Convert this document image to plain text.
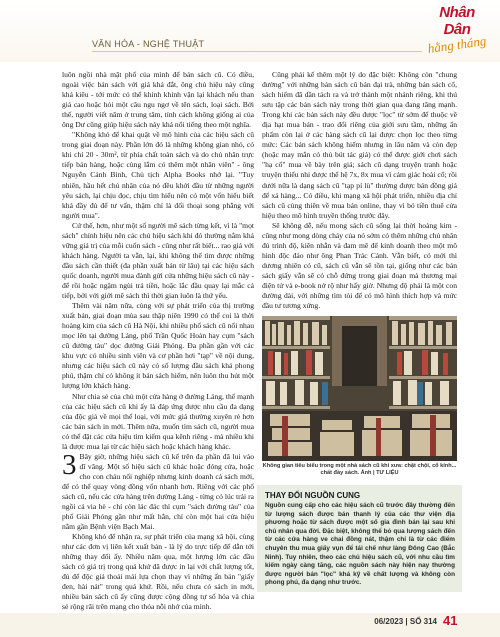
VĂN HÓA - NGHỆ THUẬT
Nhân Dân
hằng tháng

luôn ngồi nhà mặt phố của mình để bán sách cũ. Có điều, ngoài việc bán sách với giá khá đắt, ông chủ hiệu này cũng khá kiêu - tới mức có thể khinh khỉnh vặn lại khách nếu than giá cao hoặc hỏi một câu ngu ngơ về tên sách, loại sách. Bởi thế, người viết năm ở trung tâm, tính cách không giống ai của ông Dư cũng giúp hiệu sách này khá nổi tiếng theo một nghĩa.

"Không khó để khai quật về mô hình của các hiệu sách cũ trong giai đoạn này. Phần lớn đó là những không gian nhỏ, có khi chỉ 20 - 30m², từ phía chất toàn sách và do chủ nhân trực tiếp bán hàng, hoặc cùng lắm có thêm một nhân viên" - ông Nguyễn Cảnh Bình, Chủ tịch Alpha Books nhớ lại. "Tuy nhiên, hầu hết chủ nhân của nó đều khởi đầu từ những người yêu sách, lại chịu đọc, chịu tìm hiểu nên có một vốn hiểu biết khá đầy đủ để tư vấn, thậm chí là đối thoại song phẳng với người mua".

Cứ thế, hơn, như một số người mê sách từng kết, vì là "mọt sách" chính hiệu nên các chủ hiệu sách khi đó thường nắm khá vững giá trị của mỗi cuốn sách - cũng như rất biết... rao giá với khách hàng. Người ta vẫn, lại, khi không thể tìm được những đầu sách cần thiết (đa phần xuất bản từ lâu) tại các hiệu sách quốc doanh, người mua đành gửi cửa những hiệu sách cũ này - để rồi hoặc ngậm ngùi trả tiền, hoặc lắc đầu quay lại mắc cả tiếp, bởi với giới mê sách thì thời gian luôn là thứ yếu.

Thêm vài năm nữa, cùng với sự phát triển của thị trường xuất bản, giai đoạn mùa sau thập niên 1990 có thể coi là thời hoàng kim của sách cũ Hà Nội, khi nhiều phố sách cũ nổi nhau mọc lên tại đường Láng, phố Trần Quốc Hoàn hay cụm "sách cũ đường tàu" dọc đường Giải Phóng. Đa phần gần với các khu vực có nhiều sinh viên và cơ phần hơi "tạp" về nội dung, nhưng các hiệu sách cũ này có số lượng đầu sách khá phong phú, thậm chí có không ít bản sách hiếm, nên luôn thu hút một lượng lớn khách hàng.

Như chia sẻ của chủ một cửa hàng ở đường Láng, thế mạnh của các hiệu sách cũ khi ấy là đáp ứng được nhu cầu đa dạng của độc giả về mọi thể loại, với mức giá thường xuyên rẻ hơn các bản sách in mới. Thêm nữa, muốn tìm sách cũ, người mua có thể đặt các cửa hiệu tìm kiếm qua kênh riêng - mà nhiều khi là được mua lại từ các hiệu sách hoặc khách hàng khác.

3 Bây giờ, những hiệu sách cũ kể trên đa phần đã lui vào dĩ vãng. Một số hiệu sách cũ khác hoặc đóng cửa, hoặc cho con cháu nối nghiệp nhưng kinh doanh cả sách mới, để có thể quay vòng đồng vốn nhanh hơn. Riêng với các phố sách cũ, nếu các cửa hàng trên đường Láng - từng có lúc trải ra ngồi cả via hè - chỉ còn lác đác thì cụm "sách đường tàu" của phố Giải Phóng gần như mất hẳn, chỉ còn một hai cửa hiệu nằm gần Bệnh viện Bạch Mai.

Không khó để nhận ra, sự phát triển của mạng xã hội, cùng như các đơn vị liên kết xuất bản - là lý do trực tiếp để dẫn tới những thay đổi ấy. Nhiều năm qua, một lượng lớn các đầu sách có giá trị trong quá khứ đã được in lại với chất lượng tốt, đủ để độc giả thoải mái lựa chọn thay vì những ấn bản "giấy đen, hài nát" trong quá khứ. Rồi, nếu chưa có sách in mới, nhiều bản sách cũ ấy cũng được cộng đồng tự số hóa và chia sẻ rộng rãi trên mạng cho thỏa nỗi nhớ của mình.

Cũng phải kể thêm một lý do đặc biệt: Không còn "chung đường" với những bản sách cũ bán đại trà, những bản sách cổ, sách hiếm đã dần tách ra và trở thành một nhánh riêng, khi thú sưu tập các bản sách này trong thời gian qua đang tăng mạnh. Trong khi các bản sách này đều được "lọc" từ sớm để thuộc về địa hạt mua bán - trao đổi riêng của giới sưu tầm, những ấn phẩm còn lại ở các hàng sách cũ lại được chọn lọc theo từng mức: Các bản sách không hiếm nhưng in lâu năm và còn đẹp (hoặc may mắn có thủ bút tác giả) có thể được giới chơi sách "hạ cố" mua về bày trên giá; sách cũ dạng truyện tranh hoặc truyện thiếu nhi được thể hệ 7x, 8x mua vì cảm giác hoài cổ; rồi dưới nữa là dạng sách cũ "tạp pí lù" thường được bán đồng giá để xả hàng... Có điều, khi mạng xã hội phát triển, nhiều địa chỉ sách cũ cùng thiên về mua bán online, thay vì bó tiền thuê cửa hiệu theo mô hình truyền thống trước đây.

Sẽ không dễ, nếu mong sách cũ sống lại thời hoàng kim - cũng như mong dòng chảy của nó sớm có thêm những chủ nhân đủ trình độ, kiên nhẫn và đam mê để kinh doanh theo một mô hình độc đáo như ông Phan Trác Cảnh. Vẫn biết, có mới thì dương nhiên có cũ, sách cũ vẫn sẽ tồn tại, giống như các bản sách giấy vẫn sẽ có chỗ đứng trong giai đoạn mà thương mại điện tử và e-book nở rộ như hấy giờ. Nhưng độ phải là một con đường dài, với những tìm tòi để có mô hình thích hợp và mức đầu tư tương xứng.

Không gian tiêu biểu trong một nhà sách cũ khi xưa: chật chội, cổ kính... chất đầy sách. Ảnh | TƯ LIỆU
THAY ĐỔI NGUỒN CUNG
Nguồn cung cấp cho các hiệu sách cũ trước đây thường đến từ lượng sách được bán thanh lý của các thư viện địa phương hoặc từ sách được một số gia đình bán lại sau khi chủ nhân qua đời. Đặc biệt, không thể bỏ qua lượng sách đến từ các cửa hàng ve chai đồng nát, thậm chí là từ các điểm chuyên thu mua giấy vụn để tái chế như làng Đông Cao (Bắc Ninh). Tuy nhiên, theo các chủ hiệu sách cũ, với nhu cầu tìm kiếm ngày càng tăng, các nguồn sách này hiện nay thường được người bán "lọc" khá kỹ về chất lượng và không còn phong phú, đa dạng như trước.
06/2023 | SỐ 314 41
